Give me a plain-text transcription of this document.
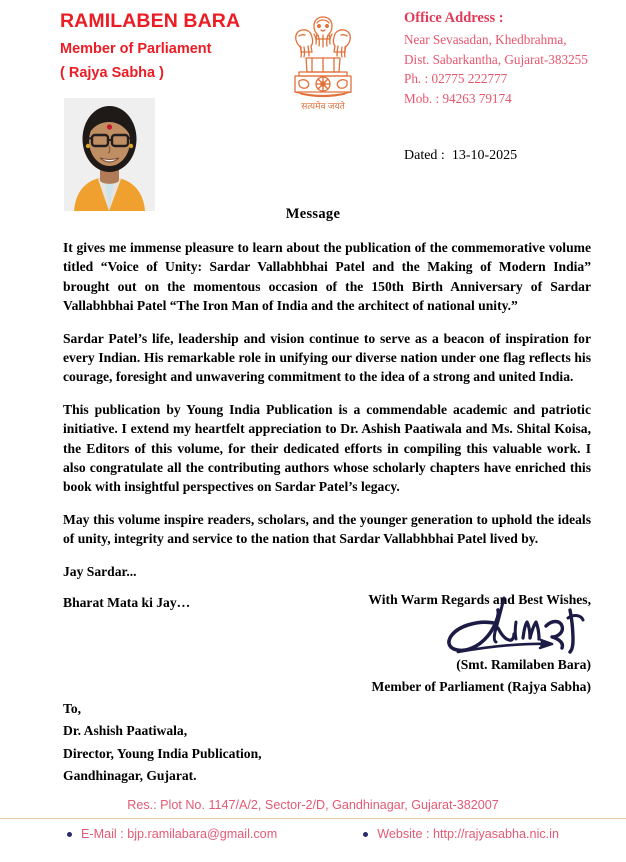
RAMILABEN BARA
Member of Parliament
( Rajya Sabha )
सत्यमेव जयते
Office Address :
Near Sevasadan, Khedbrahma,
Dist. Sabarkantha, Gujarat-383255
Ph. : 02775 222777
Mob. : 94263 79174
Dated : 13-10-2025
Message

It gives me immense pleasure to learn about the publication of the commemorative volume titled “Voice of Unity: Sardar Vallabhbhai Patel and the Making of Modern India” brought out on the momentous occasion of the 150th Birth Anniversary of Sardar Vallabhbhai Patel “The Iron Man of India and the architect of national unity.”

Sardar Patel’s life, leadership and vision continue to serve as a beacon of inspiration for every Indian. His remarkable role in unifying our diverse nation under one flag reflects his courage, foresight and unwavering commitment to the idea of a strong and united India.

This publication by Young India Publication is a commendable academic and patriotic initiative. I extend my heartfelt appreciation to Dr. Ashish Paatiwala and Ms. Shital Koisa, the Editors of this volume, for their dedicated efforts in compiling this valuable work. I also congratulate all the contributing authors whose scholarly chapters have enriched this book with insightful perspectives on Sardar Patel’s legacy.

May this volume inspire readers, scholars, and the younger generation to uphold the ideals of unity, integrity and service to the nation that Sardar Vallabhbhai Patel lived by.

Jay Sardar...
Bharat Mata ki Jay…	With Warm Regards and Best Wishes,
(Smt. Ramilaben Bara)
Member of Parliament (Rajya Sabha)
To,
Dr. Ashish Paatiwala,
Director, Young India Publication,
Gandhinagar, Gujarat.
Res.: Plot No. 1147/A/2, Sector-2/D, Gandhinagar, Gujarat-382007
E-Mail : bjp.ramilabara@gmail.com	Website : http://rajyasabha.nic.in
